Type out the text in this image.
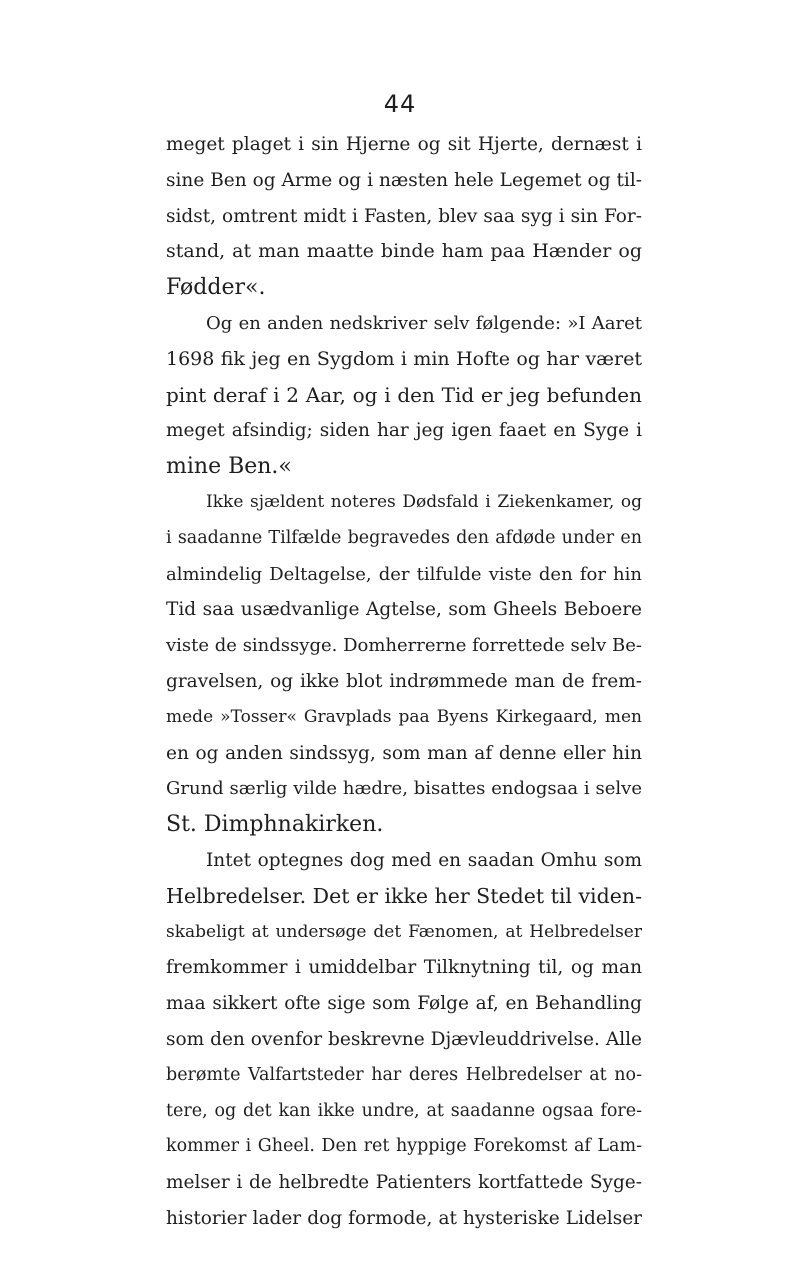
44
meget plaget i sin Hjerne og sit Hjerte, dernæst i
sine Ben og Arme og i næsten hele Legemet og til-
sidst, omtrent midt i Fasten, blev saa syg i sin For-
stand, at man maatte binde ham paa Hænder og
Fødder«.
Og en anden nedskriver selv følgende: »I Aaret
1698 fik jeg en Sygdom i min Hofte og har været
pint deraf i 2 Aar, og i den Tid er jeg befunden
meget afsindig; siden har jeg igen faaet en Syge i
mine Ben.«
Ikke sjældent noteres Dødsfald i Ziekenkamer, og
i saadanne Tilfælde begravedes den afdøde under en
almindelig Deltagelse, der tilfulde viste den for hin
Tid saa usædvanlige Agtelse, som Gheels Beboere
viste de sindssyge. Domherrerne forrettede selv Be-
gravelsen, og ikke blot indrømmede man de frem-
mede »Tosser« Gravplads paa Byens Kirkegaard, men
en og anden sindssyg, som man af denne eller hin
Grund særlig vilde hædre, bisattes endogsaa i selve
St. Dimphnakirken.
Intet optegnes dog med en saadan Omhu som
Helbredelser. Det er ikke her Stedet til viden-
skabeligt at undersøge det Fænomen, at Helbredelser
fremkommer i umiddelbar Tilknytning til, og man
maa sikkert ofte sige som Følge af, en Behandling
som den ovenfor beskrevne Djævleuddrivelse. Alle
berømte Valfartsteder har deres Helbredelser at no-
tere, og det kan ikke undre, at saadanne ogsaa fore-
kommer i Gheel. Den ret hyppige Forekomst af Lam-
melser i de helbredte Patienters kortfattede Syge-
historier lader dog formode, at hysteriske Lidelser
